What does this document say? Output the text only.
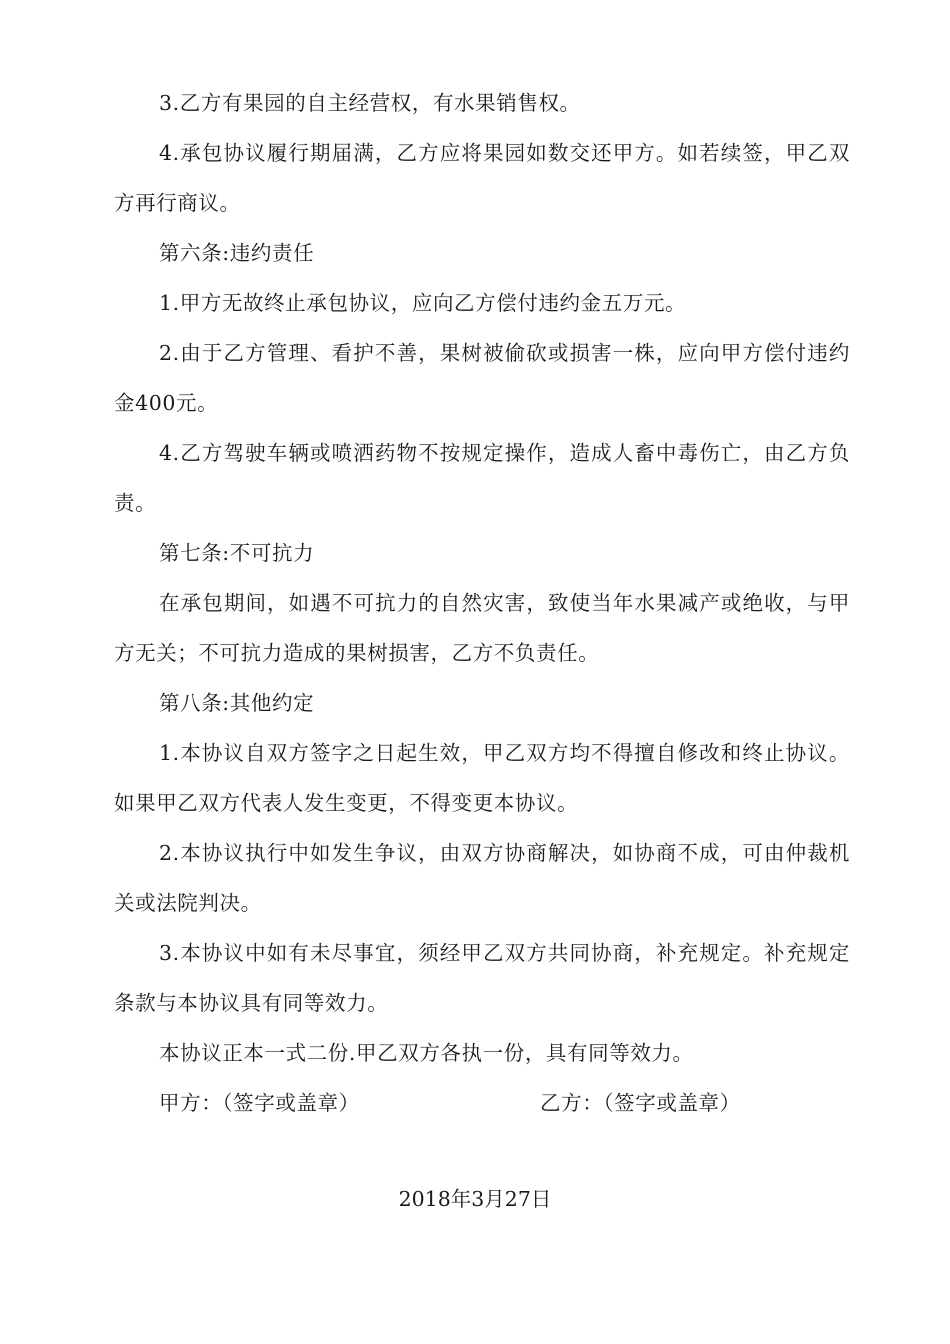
3.乙方有果园的自主经营权，有水果销售权。

4.承包协议履行期届满，乙方应将果园如数交还甲方。如若续签，甲乙双方再行商议。

第六条:违约责任

1.甲方无故终止承包协议，应向乙方偿付违约金五万元。

2.由于乙方管理、看护不善，果树被偷砍或损害一株，应向甲方偿付违约金400元。

4.乙方驾驶车辆或喷洒药物不按规定操作，造成人畜中毒伤亡，由乙方负责。

第七条:不可抗力

在承包期间，如遇不可抗力的自然灾害，致使当年水果减产或绝收，与甲方无关；不可抗力造成的果树损害，乙方不负责任。

第八条:其他约定

1.本协议自双方签字之日起生效，甲乙双方均不得擅自修改和终止协议。如果甲乙双方代表人发生变更，不得变更本协议。

2.本协议执行中如发生争议，由双方协商解决，如协商不成，可由仲裁机关或法院判决。

3.本协议中如有未尽事宜，须经甲乙双方共同协商，补充规定。补充规定条款与本协议具有同等效力。

本协议正本一式二份.甲乙双方各执一份，具有同等效力。

甲方：（签字或盖章）	乙方：（签字或盖章）
2018年3月27日
